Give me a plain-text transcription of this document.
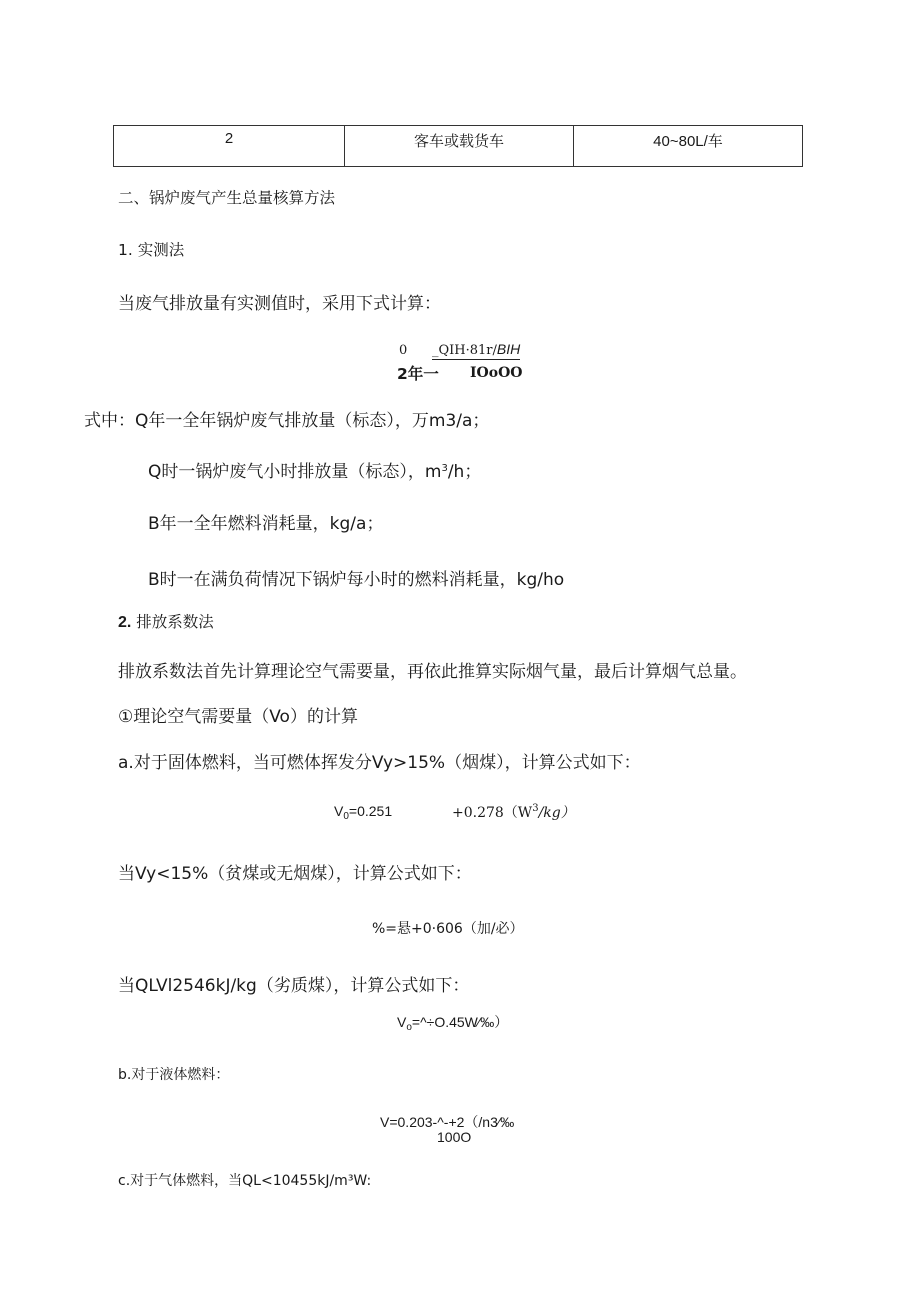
2	客车或载货车	40~80L/车
二、锅炉废气产生总量核算方法
1. 实测法
当废气排放量有实测值时，采用下式计算：
0 _QIH·81r/BIH
2年一 IOoOO
式中：Q年一全年锅炉废气排放量（标态），万m3/a；
Q时一锅炉废气小时排放量（标态），$m^3/h$；
B年一全年燃料消耗量，kg/a；
B时一在满负荷情况下锅炉每小时的燃料消耗量，kg/ho
2. 排放系数法
排放系数法首先计算理论空气需要量，再依此推算实际烟气量，最后计算烟气总量。
①理论空气需要量（Vo）的计算
a.对于固体燃料，当可燃体挥发分Vy>15%（烟煤），计算公式如下：
$V_0=0.251$	$+0.278(W^3/kg)$
当Vy<15%（贫煤或无烟煤），计算公式如下：
%=悬+0·606（加/必）
当QLVl2546kJ/kg（劣质煤），计算公式如下：
$V_o=\^{}\div O.45W∕‰$）
b.对于液体燃料：
V=0.203-^-+2（/n3∕‰
100O
c.对于气体燃料，当QL<10455kJ/m³W:
